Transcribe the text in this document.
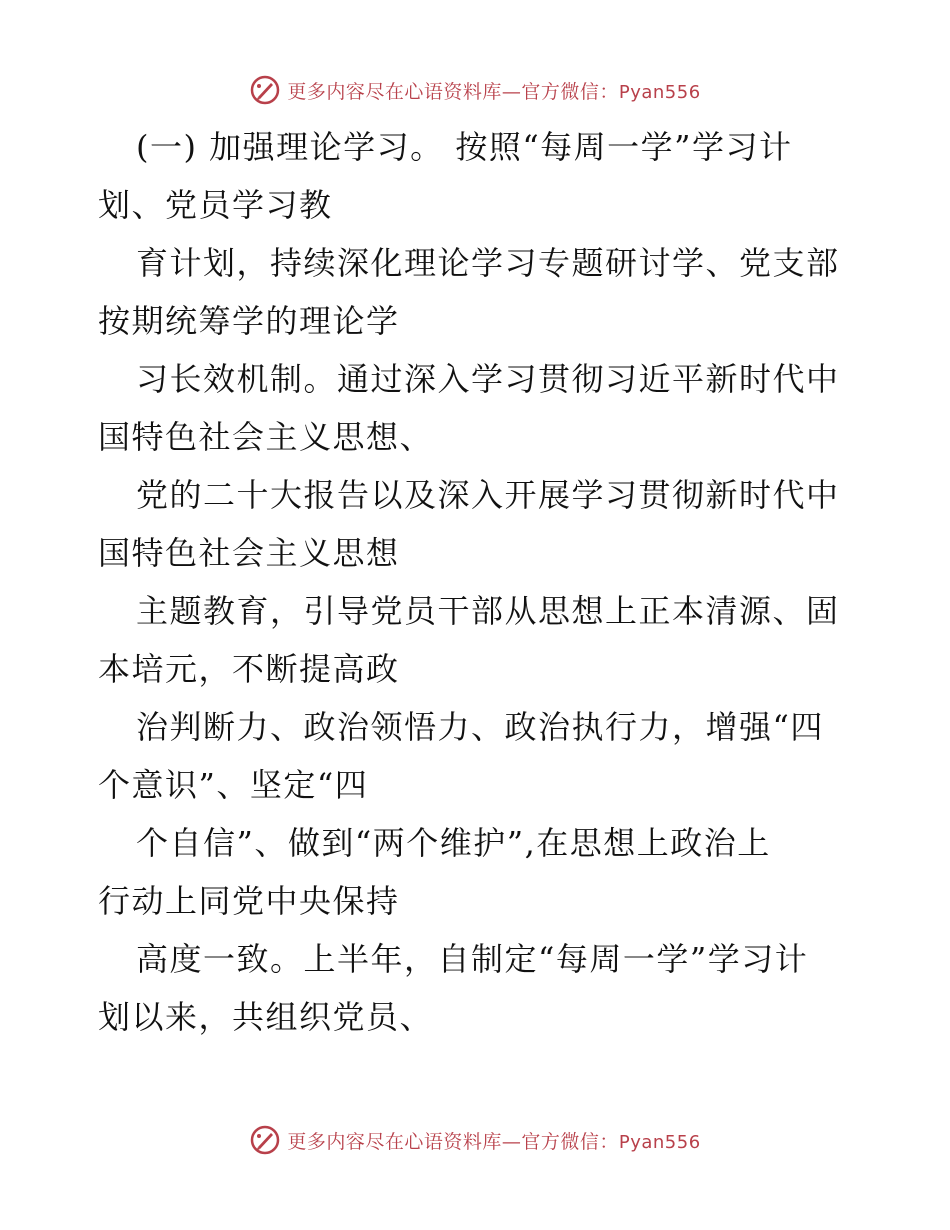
更多内容尽在心语资料库—官方微信：Pyan556
(一) 加强理论学习。 按照“每周一学”学习计
划、党员学习教
育计划，持续深化理论学习专题研讨学、党支部
按期统筹学的理论学
习长效机制。通过深入学习贯彻习近平新时代中
国特色社会主义思想、
党的二十大报告以及深入开展学习贯彻新时代中
国特色社会主义思想
主题教育，引导党员干部从思想上正本清源、固
本培元，不断提高政
治判断力、政治领悟力、政治执行力，增强“四
个意识”、坚定“四
个自信”、做到“两个维护”,在思想上政治上
行动上同党中央保持
高度一致。上半年，自制定“每周一学”学习计
划以来，共组织党员、
更多内容尽在心语资料库—官方微信：Pyan556
